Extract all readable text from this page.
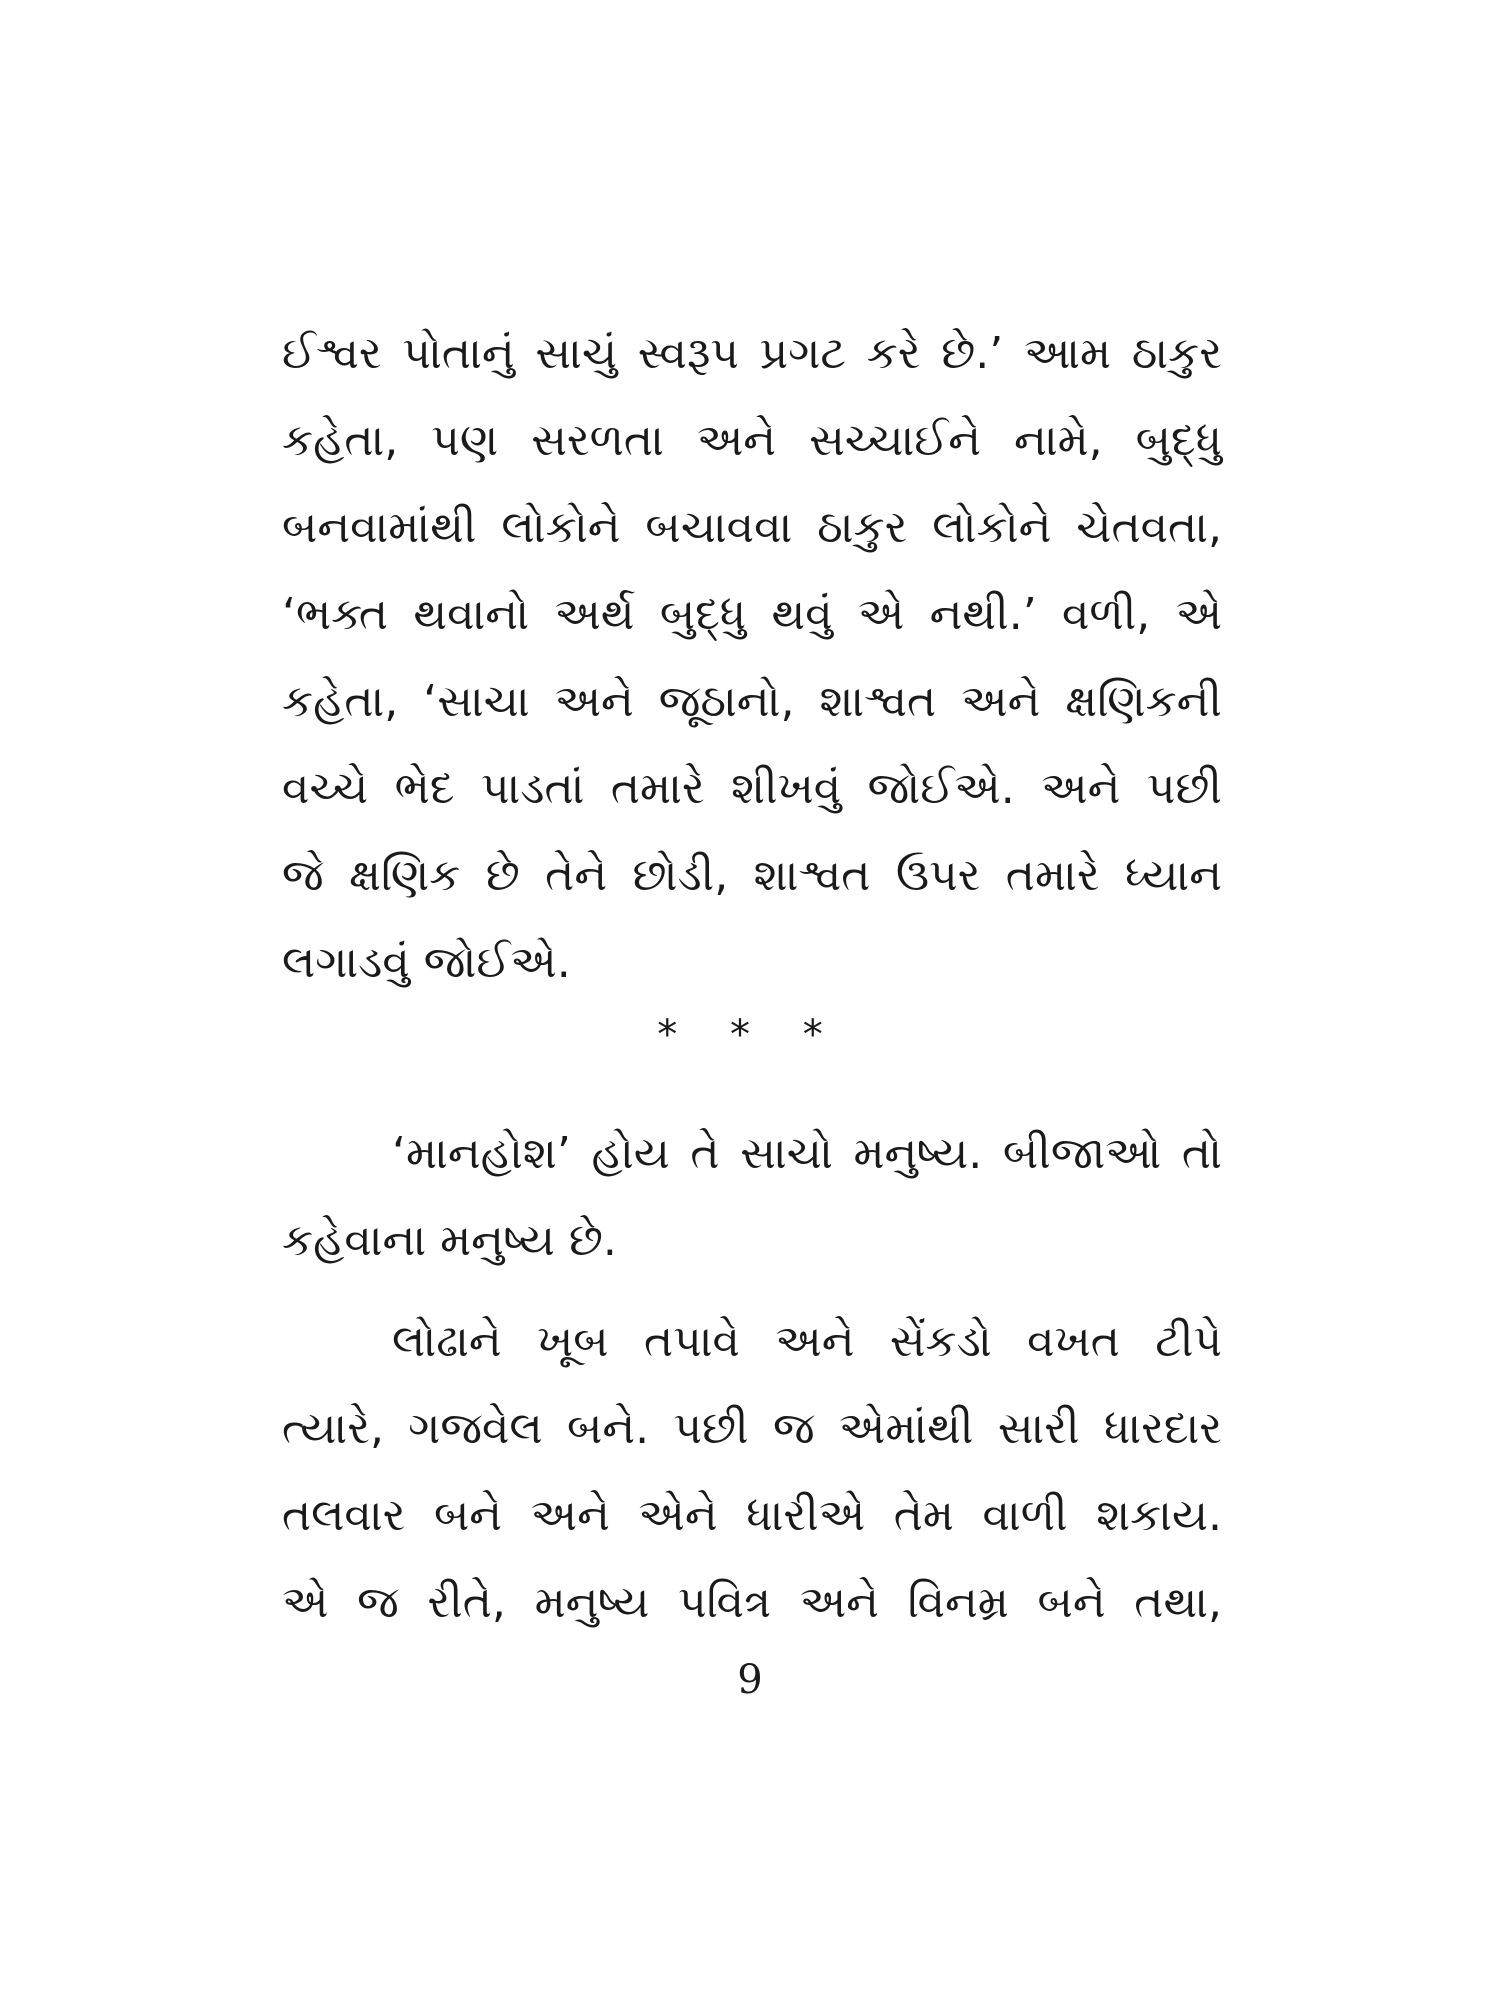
ઈશ્વર પોતાનું સાચું સ્વરૂપ પ્રગટ કરે છે.’ આમ ઠાકુર
કહેતા, પણ સરળતા અને સચ્ચાઈને નામે, બુદ્ધુ
બનવામાંથી લોકોને બચાવવા ઠાકુર લોકોને ચેતવતા,
‘ભક્ત થવાનો અર્થ બુદ્ધુ થવું એ નથી.’ વળી, એ
કહેતા, ‘સાચા અને જૂઠાનો, શાશ્વત અને ક્ષણિકની
વચ્ચે ભેદ પાડતાં તમારે શીખવું જોઈએ. અને પછી
જે ક્ષણિક છે તેને છોડી, શાશ્વત ઉપર તમારે ધ્યાન
લગાડવું જોઈએ.
* * *
‘માનહોશ’ હોય તે સાચો મનુષ્ય. બીજાઓ તો
કહેવાના મનુષ્ય છે.
લોઢાને ખૂબ તપાવે અને સેંકડો વખત ટીપે
ત્યારે, ગજવેલ બને. પછી જ એમાંથી સારી ધારદાર
તલવાર બને અને એને ધારીએ તેમ વાળી શકાય.
એ જ રીતે, મનુષ્ય પવિત્ર અને વિનમ્ર બને તથા,
9
